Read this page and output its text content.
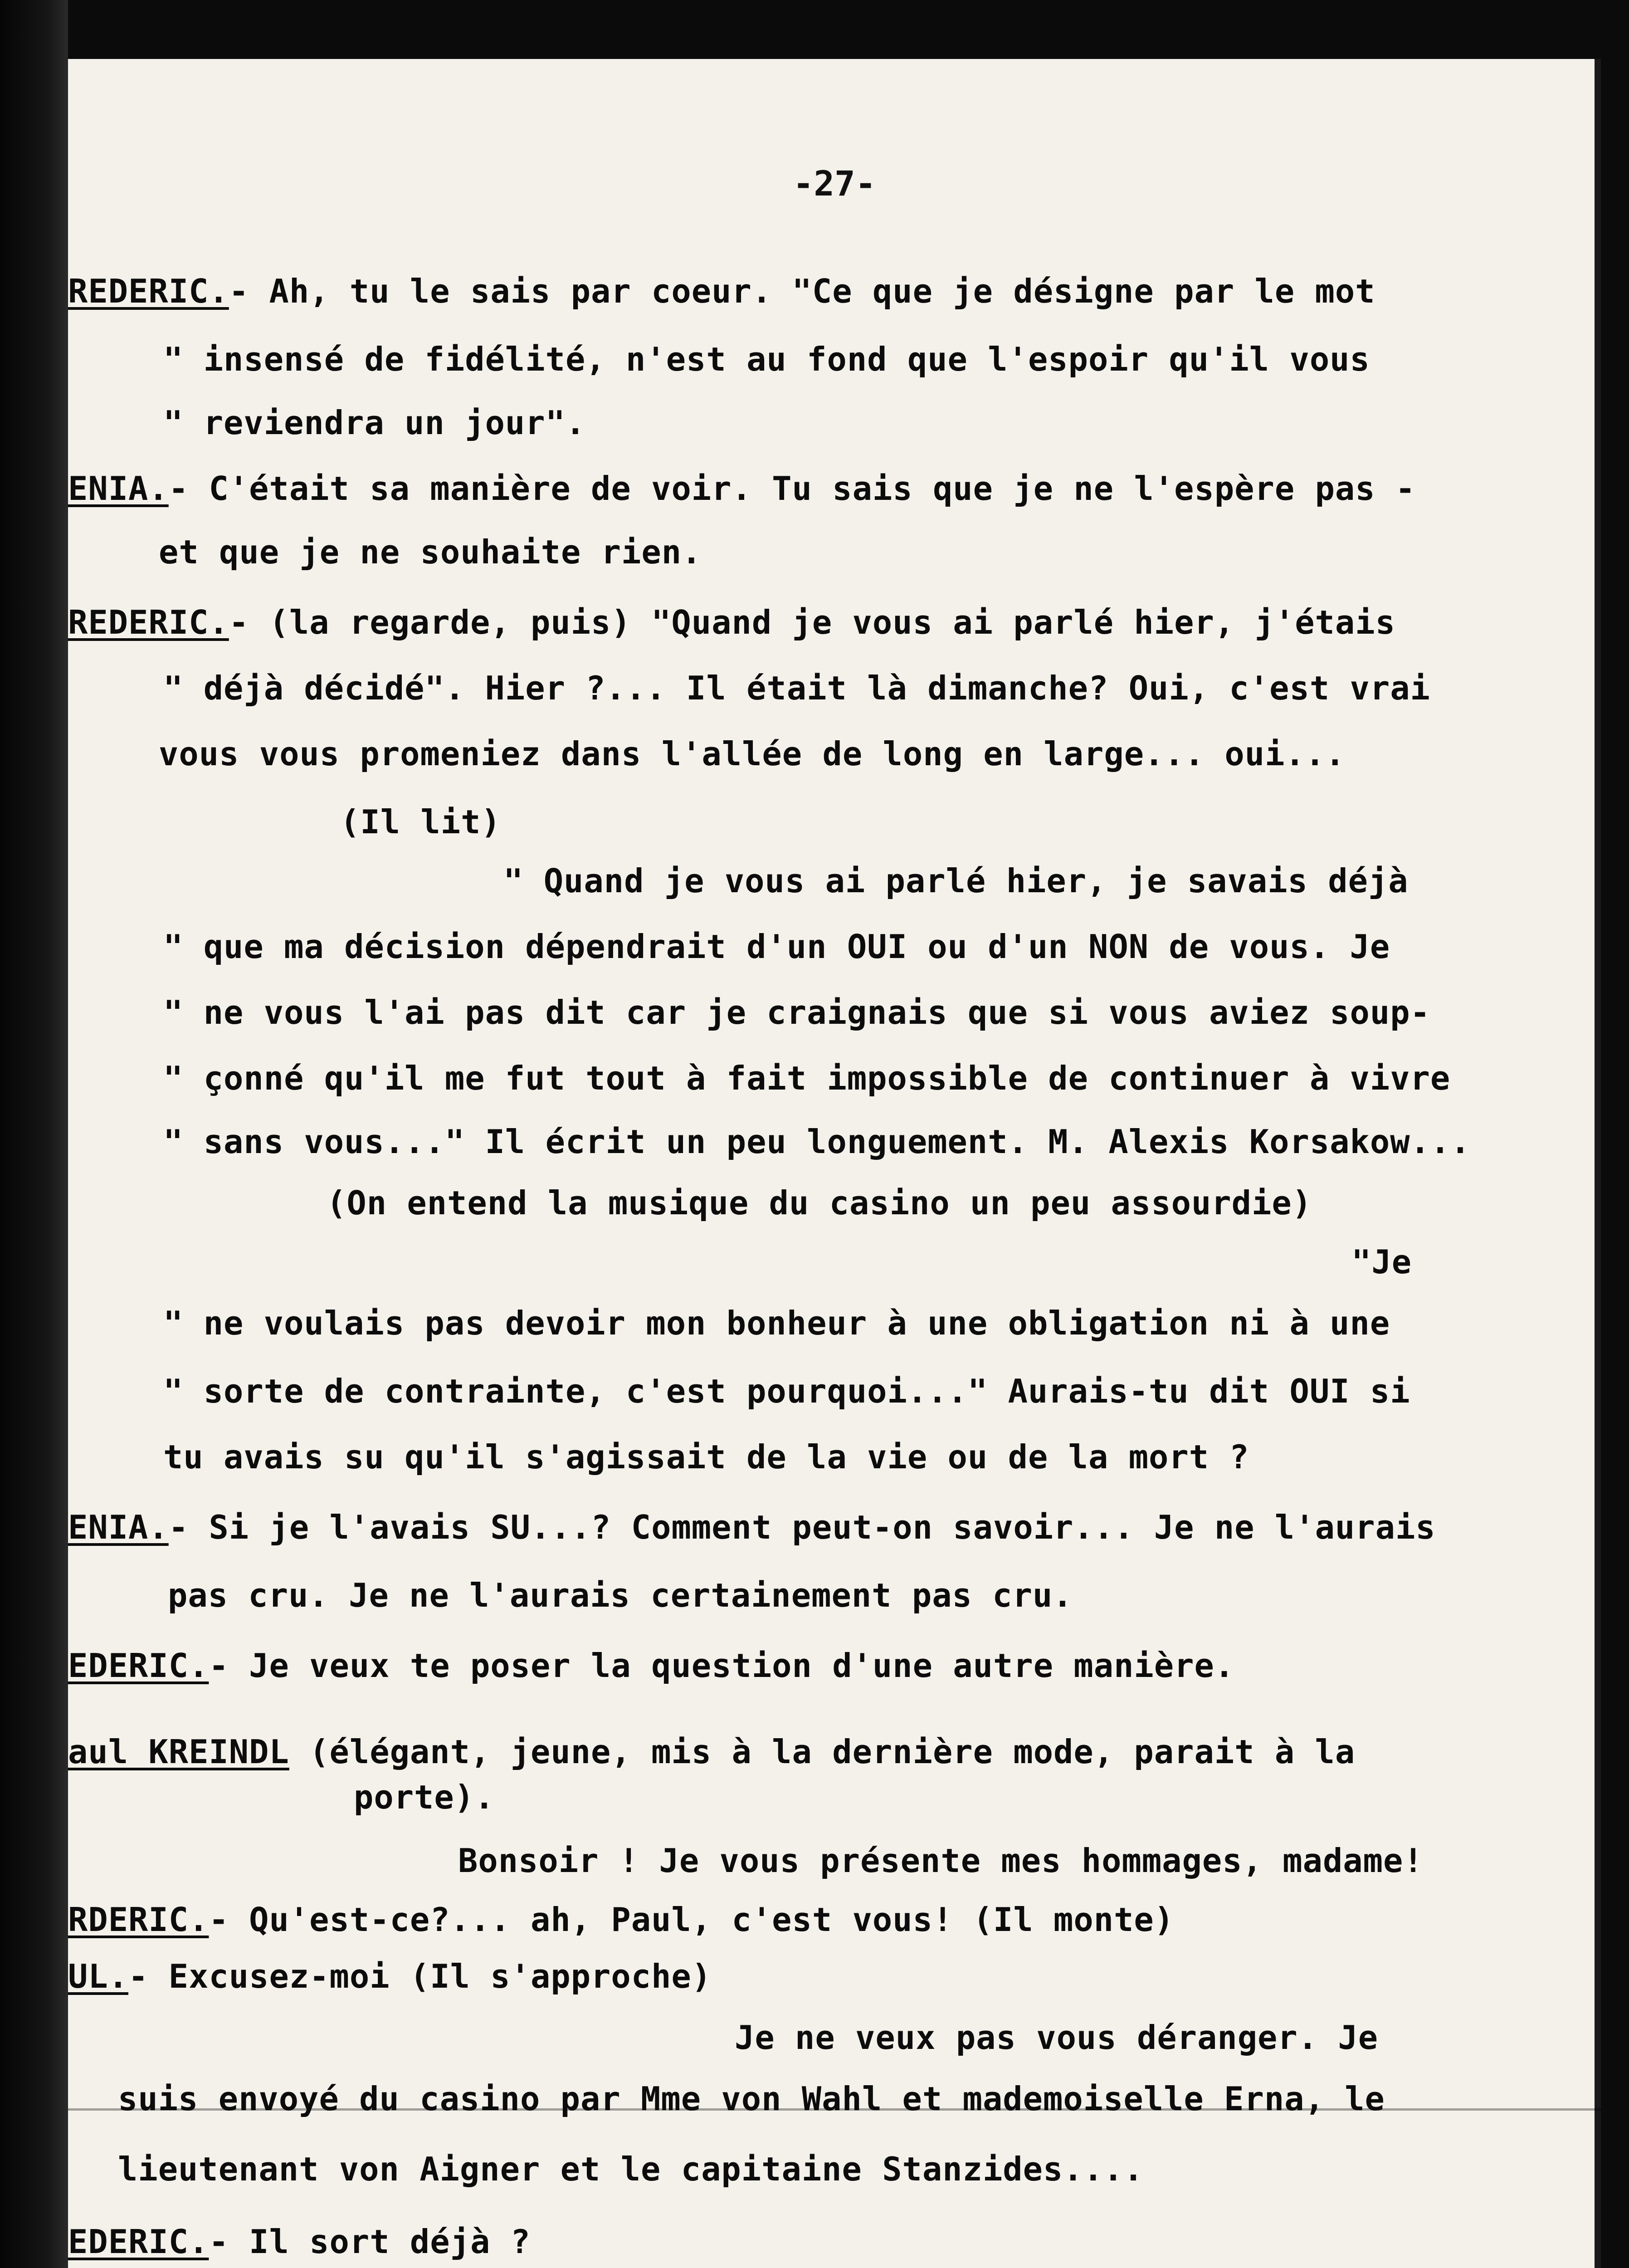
-27-
REDERIC.- Ah, tu le sais par coeur. "Ce que je désigne par le mot
" insensé de fidélité, n'est au fond que l'espoir qu'il vous
" reviendra un jour".
ENIA.- C'était sa manière de voir. Tu sais que je ne l'espère pas -
et que je ne souhaite rien.
REDERIC.- (la regarde, puis) "Quand je vous ai parlé hier, j'étais
" déjà décidé". Hier ?... Il était là dimanche? Oui, c'est vrai
vous vous promeniez dans l'allée de long en large... oui...
(Il lit)
" Quand je vous ai parlé hier, je savais déjà
" que ma décision dépendrait d'un OUI ou d'un NON de vous. Je
" ne vous l'ai pas dit car je craignais que si vous aviez soup-
" çonné qu'il me fut tout à fait impossible de continuer à vivre
" sans vous..." Il écrit un peu longuement. M. Alexis Korsakow...
(On entend la musique du casino un peu assourdie)
"Je
" ne voulais pas devoir mon bonheur à une obligation ni à une
" sorte de contrainte, c'est pourquoi..." Aurais-tu dit OUI si
tu avais su qu'il s'agissait de la vie ou de la mort ?
ENIA.- Si je l'avais SU...? Comment peut-on savoir... Je ne l'aurais
pas cru. Je ne l'aurais certainement pas cru.
EDERIC.- Je veux te poser la question d'une autre manière.
aul KREINDL (élégant, jeune, mis à la dernière mode, parait à la
porte).
Bonsoir ! Je vous présente mes hommages, madame!
RDERIC.- Qu'est-ce?... ah, Paul, c'est vous! (Il monte)
UL.- Excusez-moi (Il s'approche)
Je ne veux pas vous déranger. Je
suis envoyé du casino par Mme von Wahl et mademoiselle Erna, le
lieutenant von Aigner et le capitaine Stanzides....
EDERIC.- Il sort déjà ?
